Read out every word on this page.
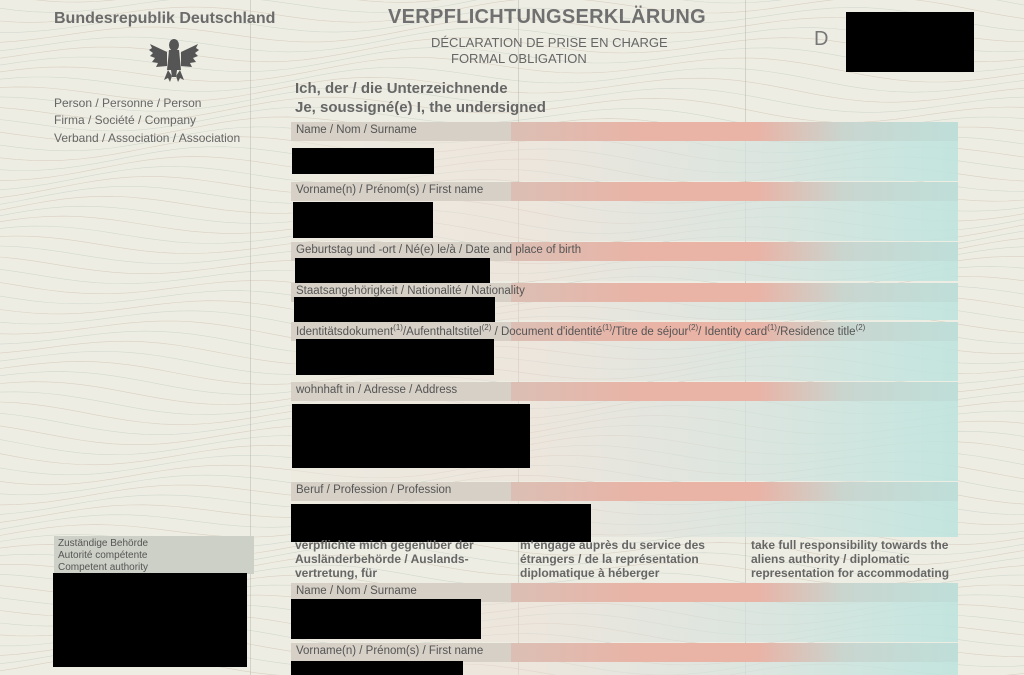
Bundesrepublik Deutschland	VERPFLICHTUNGSERKLÄRUNG
DÉCLARATION DE PRISE EN CHARGE
FORMAL OBLIGATION
D
Person / Personne / Person
Firma / Société / Company
Verband / Association / Association
Ich, der / die Unterzeichnende
Je, soussigné(e) I, the undersigned
Name / Nom / Surname
Vorname(n) / Prénom(s) / First name
Geburtstag und -ort / Né(e) le/à / Date and place of birth
Staatsangehörigkeit / Nationalité / Nationality
Identitätsdokument$^{(1)}$/Aufenthaltstitel$^{(2)}$ / Document d'identité$^{(1)}$/Titre de séjour$^{(2)}$/ Identity card$^{(1)}$/Residence title$^{(2)}$
wohnhaft in / Adresse / Address
Beruf / Profession / Profession
verpflichte mich gegenüber der
Ausländerbehörde / Auslands-
vertretung, für
m'engage auprès du service des
étrangers / de la représentation
diplomatique à héberger
take full responsibility towards the
aliens authority / diplomatic
representation for accommodating
Name / Nom / Surname
Vorname(n) / Prénom(s) / First name
Zuständige Behörde
Autorité compétente
Competent authority
